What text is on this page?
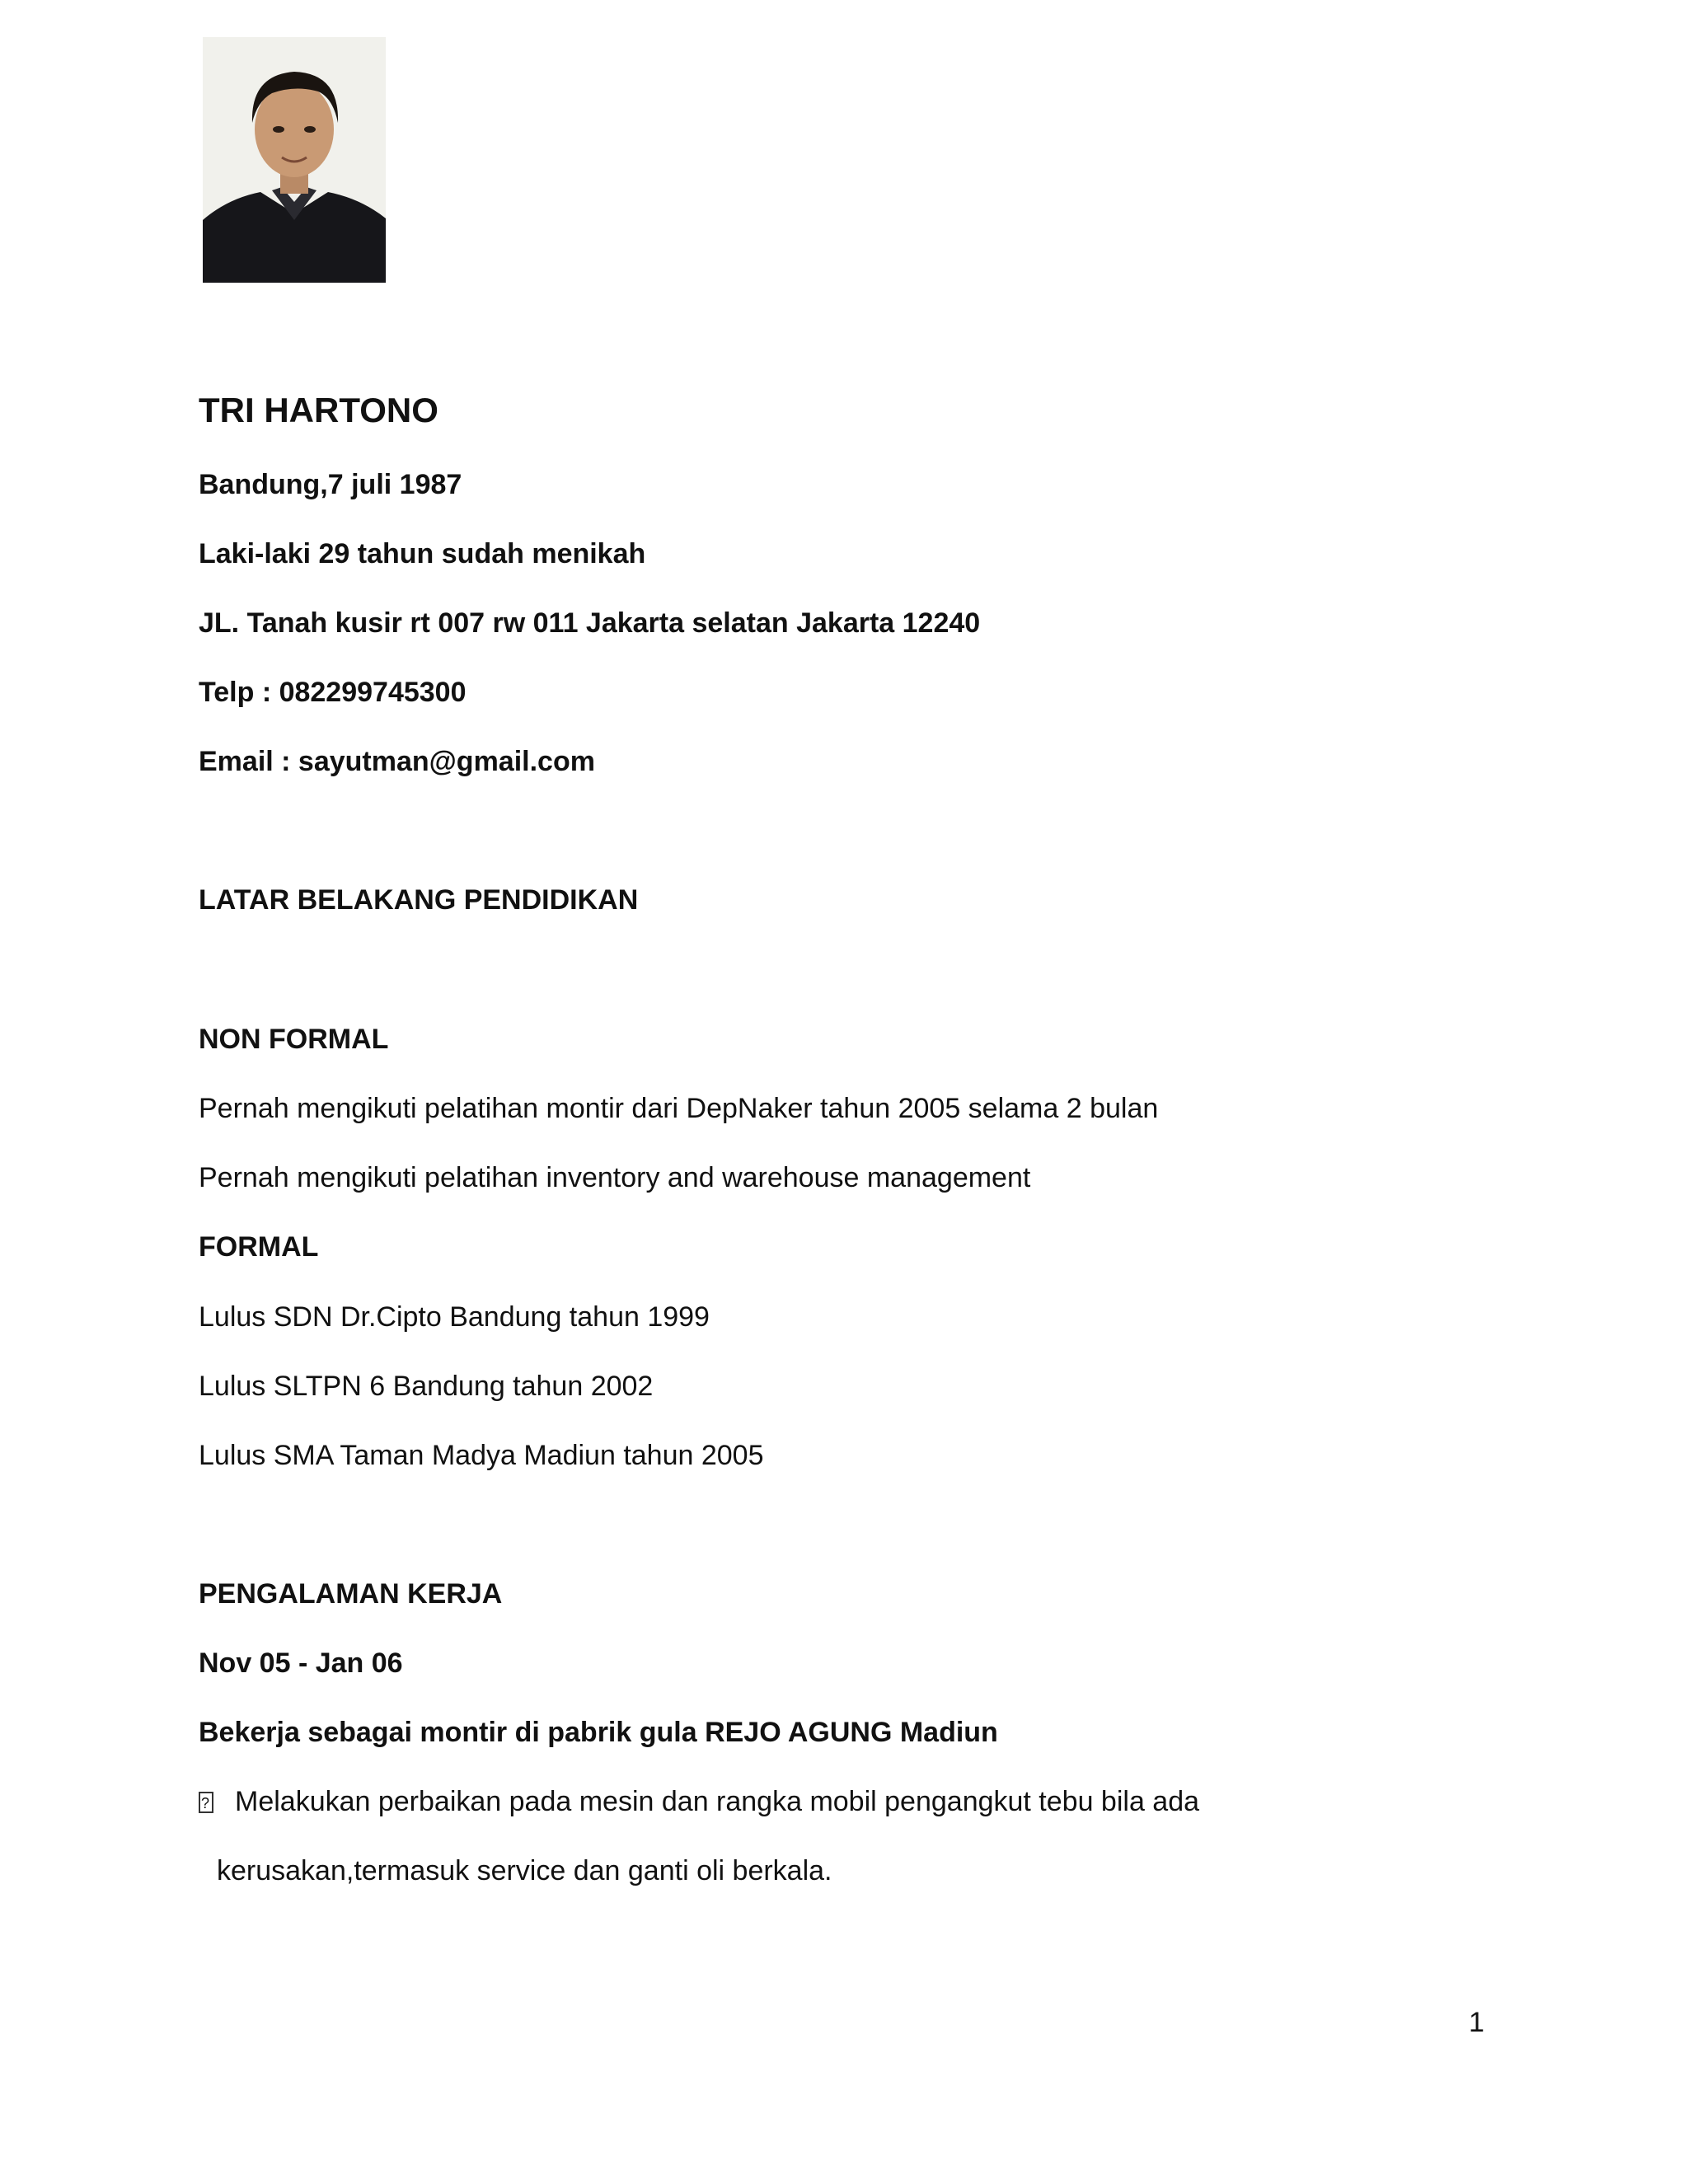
TRI HARTONO
Bandung,7 juli 1987
Laki-laki 29 tahun sudah menikah
JL. Tanah kusir rt 007 rw 011 Jakarta selatan Jakarta 12240
Telp : 082299745300
Email : sayutman@gmail.com
LATAR BELAKANG PENDIDIKAN
NON FORMAL
Pernah mengikuti pelatihan montir dari DepNaker tahun 2005 selama 2 bulan
Pernah mengikuti pelatihan inventory and warehouse management
FORMAL
Lulus SDN Dr.Cipto Bandung tahun 1999
Lulus SLTPN 6 Bandung tahun 2002
Lulus SMA Taman Madya Madiun tahun 2005
PENGALAMAN KERJA
Nov 05 - Jan 06
Bekerja sebagai montir di pabrik gula REJO AGUNG Madiun
?Melakukan perbaikan pada mesin dan rangka mobil pengangkut tebu bila ada
kerusakan,termasuk service dan ganti oli berkala.
1
